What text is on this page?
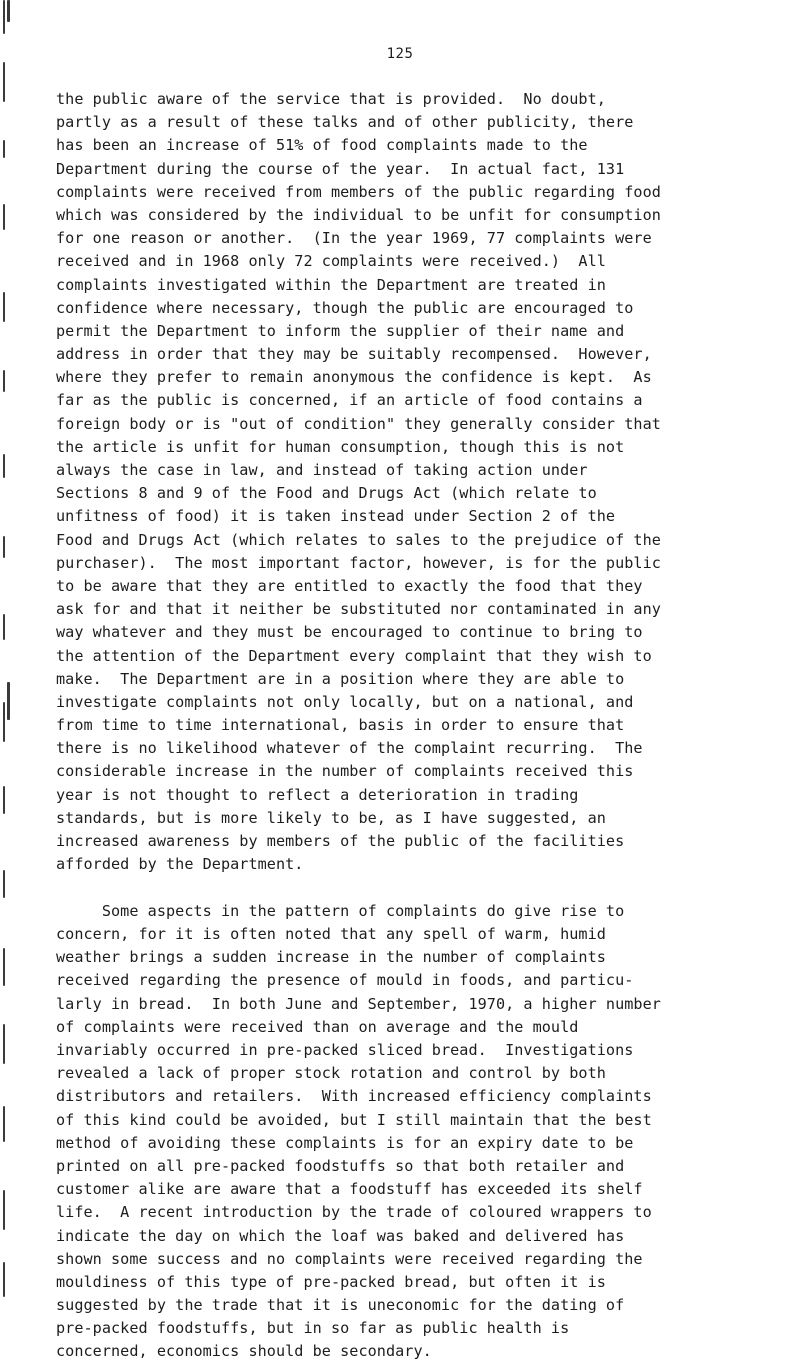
125
the public aware of the service that is provided.  No doubt,
partly as a result of these talks and of other publicity, there
has been an increase of 51% of food complaints made to the
Department during the course of the year.  In actual fact, 131
complaints were received from members of the public regarding food
which was considered by the individual to be unfit for consumption
for one reason or another.  (In the year 1969, 77 complaints were
received and in 1968 only 72 complaints were received.)  All
complaints investigated within the Department are treated in
confidence where necessary, though the public are encouraged to
permit the Department to inform the supplier of their name and
address in order that they may be suitably recompensed.  However,
where they prefer to remain anonymous the confidence is kept.  As
far as the public is concerned, if an article of food contains a
foreign body or is "out of condition" they generally consider that
the article is unfit for human consumption, though this is not
always the case in law, and instead of taking action under
Sections 8 and 9 of the Food and Drugs Act (which relate to
unfitness of food) it is taken instead under Section 2 of the
Food and Drugs Act (which relates to sales to the prejudice of the
purchaser).  The most important factor, however, is for the public
to be aware that they are entitled to exactly the food that they
ask for and that it neither be substituted nor contaminated in any
way whatever and they must be encouraged to continue to bring to
the attention of the Department every complaint that they wish to
make.  The Department are in a position where they are able to
investigate complaints not only locally, but on a national, and
from time to time international, basis in order to ensure that
there is no likelihood whatever of the complaint recurring.  The
considerable increase in the number of complaints received this
year is not thought to reflect a deterioration in trading
standards, but is more likely to be, as I have suggested, an
increased awareness by members of the public of the facilities
afforded by the Department.
Some aspects in the pattern of complaints do give rise to
concern, for it is often noted that any spell of warm, humid
weather brings a sudden increase in the number of complaints
received regarding the presence of mould in foods, and particu-
larly in bread.  In both June and September, 1970, a higher number
of complaints were received than on average and the mould
invariably occurred in pre-packed sliced bread.  Investigations
revealed a lack of proper stock rotation and control by both
distributors and retailers.  With increased efficiency complaints
of this kind could be avoided, but I still maintain that the best
method of avoiding these complaints is for an expiry date to be
printed on all pre-packed foodstuffs so that both retailer and
customer alike are aware that a foodstuff has exceeded its shelf
life.  A recent introduction by the trade of coloured wrappers to
indicate the day on which the loaf was baked and delivered has
shown some success and no complaints were received regarding the
mouldiness of this type of pre-packed bread, but often it is
suggested by the trade that it is uneconomic for the dating of
pre-packed foodstuffs, but in so far as public health is
concerned, economics should be secondary.
